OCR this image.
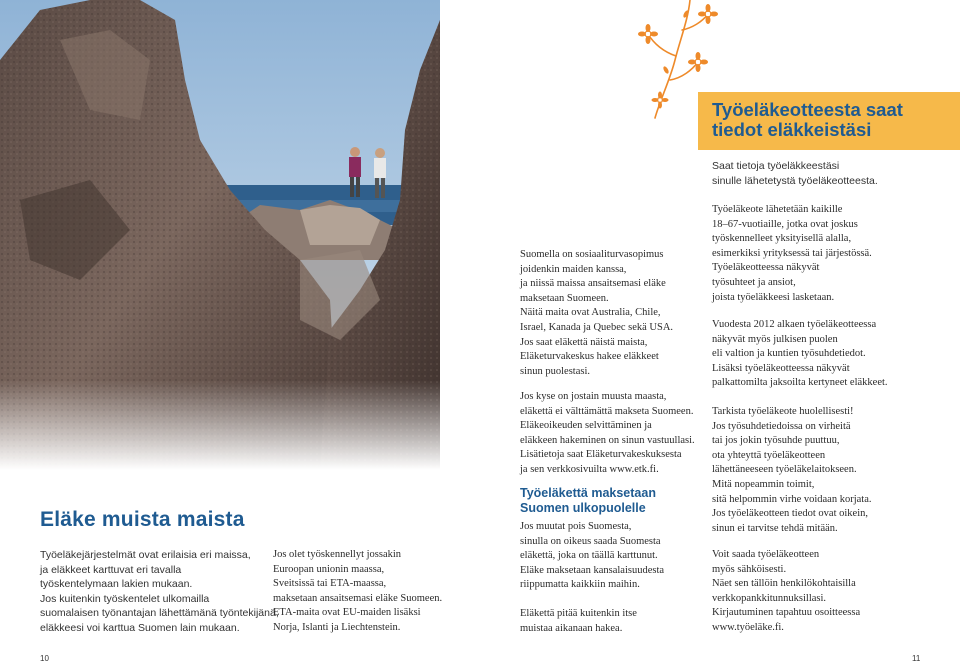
Eläke muista maista
Työeläkejärjestelmät ovat erilaisia eri maissa,
ja eläkkeet karttuvat eri tavalla
työskentelymaan lakien mukaan.
Jos kuitenkin työskentelet ulkomailla
suomalaisen työnantajan lähettämänä työntekijänä,
eläkkeesi voi karttua Suomen lain mukaan.
Jos olet työskennellyt jossakin
Euroopan unionin maassa,
Sveitsissä tai ETA-maassa,
maksetaan ansaitsemasi eläke Suomeen.
ETA-maita ovat EU-maiden lisäksi
Norja, Islanti ja Liechtenstein.
Suomella on sosiaaliturvasopimus
joidenkin maiden kanssa,
ja niissä maissa ansaitsemasi eläke
maksetaan Suomeen.
Näitä maita ovat Australia, Chile,
Israel, Kanada ja Quebec sekä USA.
Jos saat eläkettä näistä maista,
Eläketurvakeskus hakee eläkkeet
sinun puolestasi.
Jos kyse on jostain muusta maasta,
eläkettä ei välttämättä makseta Suomeen.
Eläkeoikeuden selvittäminen ja
eläkkeen hakeminen on sinun vastuullasi.
Lisätietoja saat Eläketurvakeskuksesta
ja sen verkkosivuilta www.etk.fi.
Työeläkettä maksetaan
Suomen ulkopuolelle
Jos muutat pois Suomesta,
sinulla on oikeus saada Suomesta
eläkettä, joka on täällä karttunut.
Eläke maksetaan kansalaisuudesta
riippumatta kaikkiin maihin.
Eläkettä pitää kuitenkin itse
muistaa aikanaan hakea.
Työeläkeotteesta saat
tiedot eläkkeistäsi
Saat tietoja työeläkkeestäsi
sinulle lähetetystä työeläkeotteesta.
Työeläkeote lähetetään kaikille
18–67-vuotiaille, jotka ovat joskus
työskennelleet yksityisellä alalla,
esimerkiksi yrityksessä tai järjestössä.
Työeläkeotteessa näkyvät
työsuhteet ja ansiot,
joista työeläkkeesi lasketaan.
Vuodesta 2012 alkaen työeläkeotteessa
näkyvät myös julkisen puolen
eli valtion ja kuntien työsuhdetiedot.
Lisäksi työeläkeotteessa näkyvät
palkattomilta jaksoilta kertyneet eläkkeet.
Tarkista työeläkeote huolellisesti!
Jos työsuhdetiedoissa on virheitä
tai jos jokin työsuhde puuttuu,
ota yhteyttä työeläkeotteen
lähettäneeseen työeläkelaitokseen.
Mitä nopeammin toimit,
sitä helpommin virhe voidaan korjata.
Jos työeläkeotteen tiedot ovat oikein,
sinun ei tarvitse tehdä mitään.
Voit saada työeläkeotteen
myös sähköisesti.
Näet sen tällöin henkilökohtaisilla
verkkopankkitunnuksillasi.
Kirjautuminen tapahtuu osoitteessa
www.työeläke.fi.
10	11
